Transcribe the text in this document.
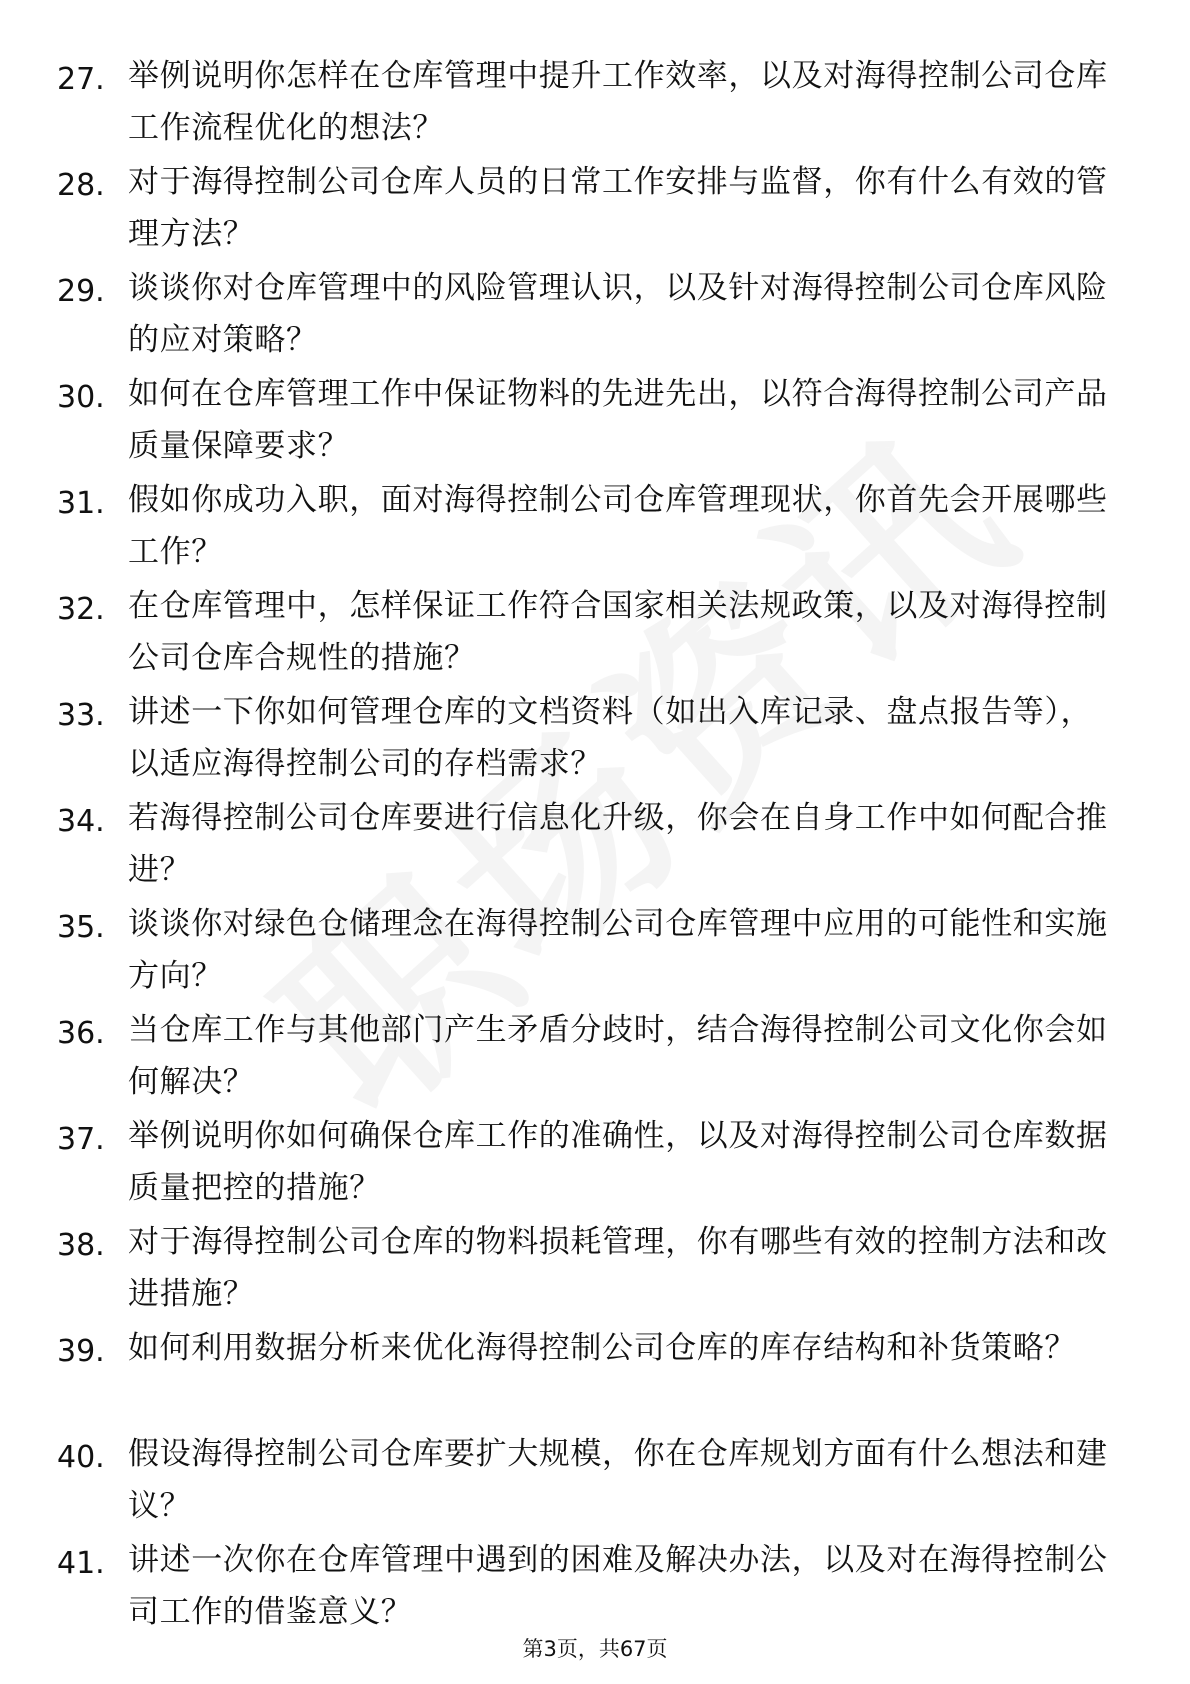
27. 举例说明你怎样在仓库管理中提升工作效率，以及对海得控制公司仓库工作流程优化的想法？
28. 对于海得控制公司仓库人员的日常工作安排与监督，你有什么有效的管理方法？
29. 谈谈你对仓库管理中的风险管理认识，以及针对海得控制公司仓库风险的应对策略？
30. 如何在仓库管理工作中保证物料的先进先出，以符合海得控制公司产品质量保障要求？
31. 假如你成功入职，面对海得控制公司仓库管理现状，你首先会开展哪些工作？
32. 在仓库管理中，怎样保证工作符合国家相关法规政策，以及对海得控制公司仓库合规性的措施？
33. 讲述一下你如何管理仓库的文档资料（如出入库记录、盘点报告等），以适应海得控制公司的存档需求？
34. 若海得控制公司仓库要进行信息化升级，你会在自身工作中如何配合推进？
35. 谈谈你对绿色仓储理念在海得控制公司仓库管理中应用的可能性和实施方向？
36. 当仓库工作与其他部门产生矛盾分歧时，结合海得控制公司文化你会如何解决？
37. 举例说明你如何确保仓库工作的准确性，以及对海得控制公司仓库数据质量把控的措施？
38. 对于海得控制公司仓库的物料损耗管理，你有哪些有效的控制方法和改进措施？
39. 如何利用数据分析来优化海得控制公司仓库的库存结构和补货策略？
40. 假设海得控制公司仓库要扩大规模，你在仓库规划方面有什么想法和建议？
41. 讲述一次你在仓库管理中遇到的困难及解决办法，以及对在海得控制公司工作的借鉴意义？
第3页，共67页
